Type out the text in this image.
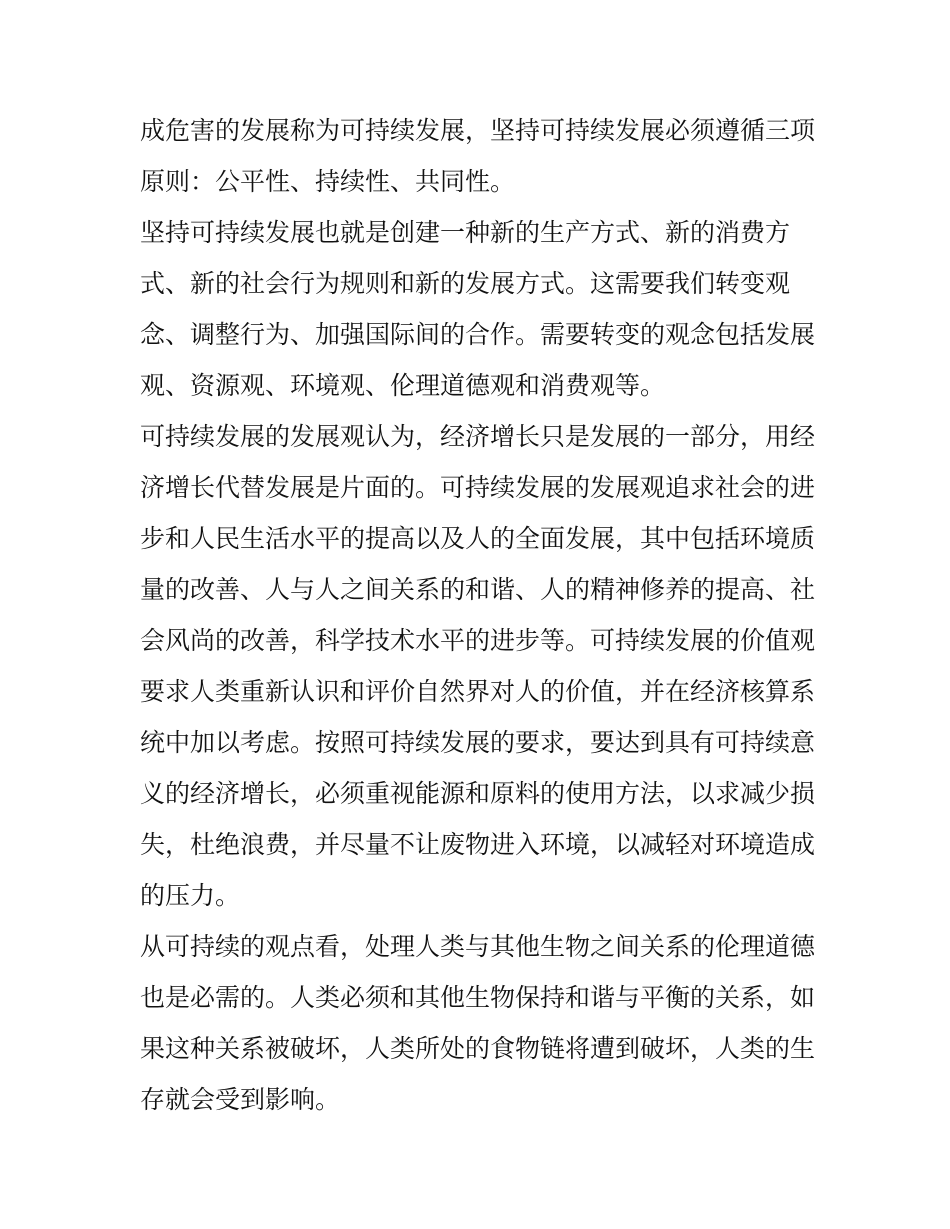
成危害的发展称为可持续发展，坚持可持续发展必须遵循三项
原则：公平性、持续性、共同性。
坚持可持续发展也就是创建一种新的生产方式、新的消费方
式、新的社会行为规则和新的发展方式。这需要我们转变观
念、调整行为、加强国际间的合作。需要转变的观念包括发展
观、资源观、环境观、伦理道德观和消费观等。
可持续发展的发展观认为，经济增长只是发展的一部分，用经
济增长代替发展是片面的。可持续发展的发展观追求社会的进
步和人民生活水平的提高以及人的全面发展，其中包括环境质
量的改善、人与人之间关系的和谐、人的精神修养的提高、社
会风尚的改善，科学技术水平的进步等。可持续发展的价值观
要求人类重新认识和评价自然界对人的价值，并在经济核算系
统中加以考虑。按照可持续发展的要求，要达到具有可持续意
义的经济增长，必须重视能源和原料的使用方法，以求减少损
失，杜绝浪费，并尽量不让废物进入环境，以减轻对环境造成
的压力。
从可持续的观点看，处理人类与其他生物之间关系的伦理道德
也是必需的。人类必须和其他生物保持和谐与平衡的关系，如
果这种关系被破坏，人类所处的食物链将遭到破坏，人类的生
存就会受到影响。
